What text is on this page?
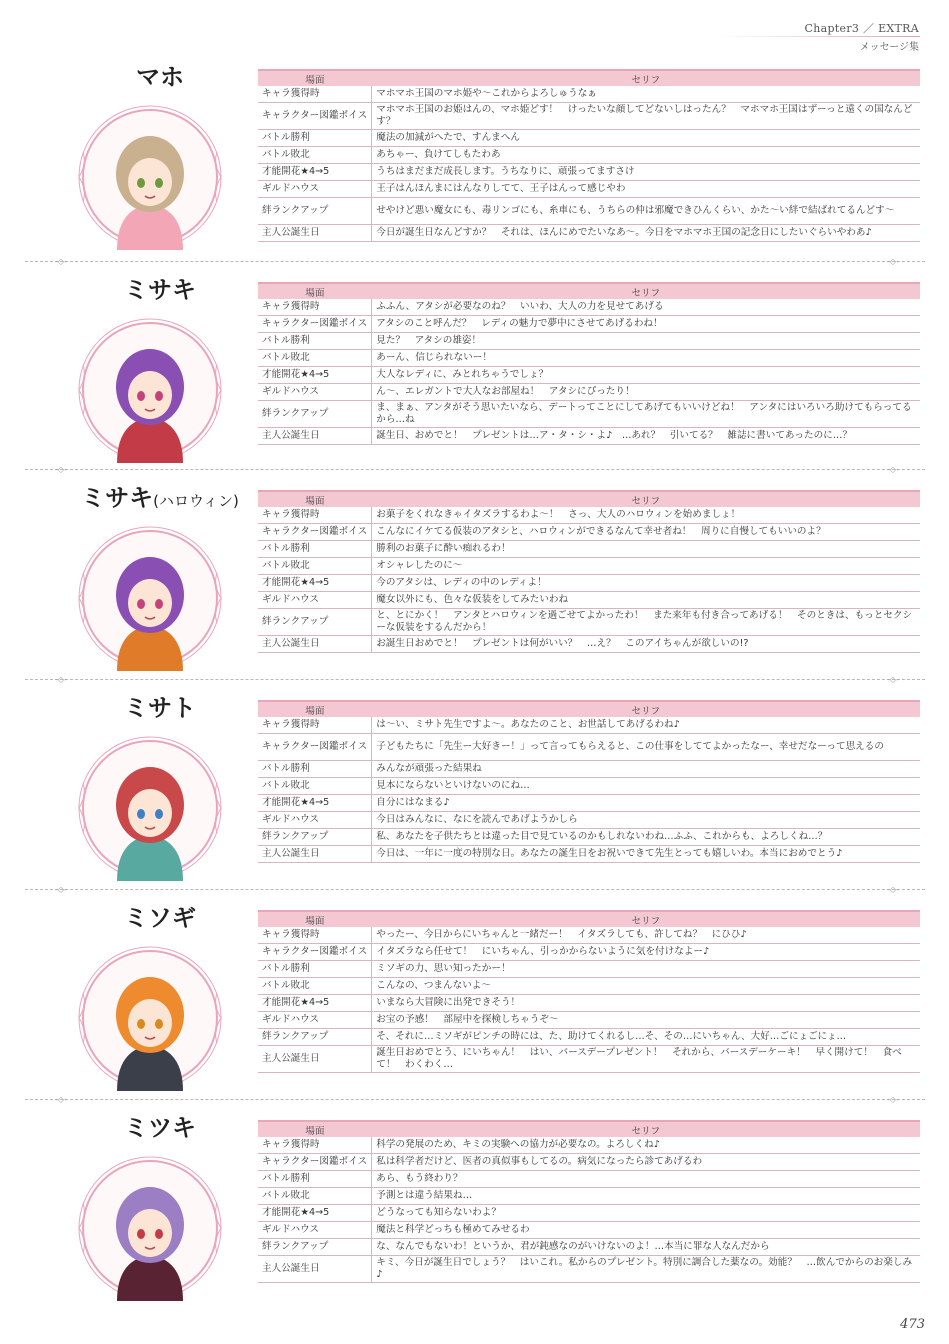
Chapter3 ／ EXTRA
メッセージ集
マホ	場面	セリフ
キャラ獲得時	マホマホ王国のマホ姫や〜これからよろしゅうなぁ
キャラクター図鑑ボイス	マホマホ王国のお姫はんの、マホ姫どす！　けったいな顔してどないしはったん？　マホマホ王国はずーっと遠くの国なんどす？
バトル勝利	魔法の加減がへたで、すんまへん
バトル敗北	あちゃー、負けてしもたわあ
才能開花★4→5	うちはまだまだ成長します。うちなりに、頑張ってますさけ
ギルドハウス	王子はんほんまにはんなりしてて、王子はんって感じやわ
絆ランクアップ	せやけど悪い魔女にも、毒リンゴにも、糸車にも、うちらの仲は邪魔できひんくらい、かた〜い絆で結ばれてるんどす〜
主人公誕生日	今日が誕生日なんどすか？　それは、ほんにめでたいなあ〜。今日をマホマホ王国の記念日にしたいぐらいやわあ♪
ミサキ	場面	セリフ
キャラ獲得時	ふふん、アタシが必要なのね？　いいわ、大人の力を見せてあげる
キャラクター図鑑ボイス	アタシのこと呼んだ？　レディの魅力で夢中にさせてあげるわね！
バトル勝利	見た？　アタシの雄姿！
バトル敗北	あーん、信じられないー！
才能開花★4→5	大人なレディに、みとれちゃうでしょ？
ギルドハウス	ん〜、エレガントで大人なお部屋ね！　アタシにぴったり！
絆ランクアップ	ま、まぁ、アンタがそう思いたいなら、デートってことにしてあげてもいいけどね！　アンタにはいろいろ助けてもらってるから…ね
主人公誕生日	誕生日、おめでと！　プレゼントは…ア・タ・シ・よ♪　…あれ？　引いてる？　雑誌に書いてあったのに…？
ミサキ(ハロウィン)	場面	セリフ
キャラ獲得時	お菓子をくれなきゃイタズラするわよ〜！　さっ、大人のハロウィンを始めましょ！
キャラクター図鑑ボイス	こんなにイケてる仮装のアタシと、ハロウィンができるなんて幸せ者ね！　周りに自慢してもいいのよ？
バトル勝利	勝利のお菓子に酔い痴れるわ！
バトル敗北	オシャレしたのに〜
才能開花★4→5	今のアタシは、レディの中のレディよ！
ギルドハウス	魔女以外にも、色々な仮装をしてみたいわね
絆ランクアップ	と、とにかく！　アンタとハロウィンを過ごせてよかったわ！　また来年も付き合ってあげる！　そのときは、もっとセクシーな仮装をするんだから！
主人公誕生日	お誕生日おめでと！　プレゼントは何がいい？　…え？　このアイちゃんが欲しいの!?
ミサト	場面	セリフ
キャラ獲得時	は〜い、ミサト先生ですよ〜。あなたのこと、お世話してあげるわね♪
キャラクター図鑑ボイス	子どもたちに「先生ー大好きー！」って言ってもらえると、この仕事をしててよかったなー、幸せだなーって思えるの
バトル勝利	みんなが頑張った結果ね
バトル敗北	見本にならないといけないのにね…
才能開花★4→5	自分にはなまる♪
ギルドハウス	今日はみんなに、なにを読んであげようかしら
絆ランクアップ	私、あなたを子供たちとは違った目で見ているのかもしれないわね…ふふ、これからも、よろしくね…？
主人公誕生日	今日は、一年に一度の特別な日。あなたの誕生日をお祝いできて先生とっても嬉しいわ。本当におめでとう♪
ミソギ	場面	セリフ
キャラ獲得時	やったー、今日からにいちゃんと一緒だー！　イタズラしても、許してね？　にひひ♪
キャラクター図鑑ボイス	イタズラなら任せて！　にいちゃん、引っかからないように気を付けなよー♪
バトル勝利	ミソギの力、思い知ったかー！
バトル敗北	こんなの、つまんないよ〜
才能開花★4→5	いまなら大冒険に出発できそう！
ギルドハウス	お宝の予感！　部屋中を探検しちゃうぞ〜
絆ランクアップ	そ、それに…ミソギがピンチの時には、た、助けてくれるし…そ、その…にいちゃん、大好…ごにょごにょ…
主人公誕生日	誕生日おめでとう、にいちゃん！　はい、バースデープレゼント！　それから、バースデーケーキ！　早く開けて！　食べて！　わくわく…
ミツキ	場面	セリフ
キャラ獲得時	科学の発展のため、キミの実験への協力が必要なの。よろしくね♪
キャラクター図鑑ボイス	私は科学者だけど、医者の真似事もしてるの。病気になったら診てあげるわ
バトル勝利	あら、もう終わり？
バトル敗北	予測とは違う結果ね…
才能開花★4→5	どうなっても知らないわよ？
ギルドハウス	魔法と科学どっちも極めてみせるわ
絆ランクアップ	な、なんでもないわ！というか、君が鈍感なのがいけないのよ！…本当に罪な人なんだから
主人公誕生日	キミ、今日が誕生日でしょう？　はいこれ。私からのプレゼント。特別に調合した薬なの。効能？　…飲んでからのお楽しみ♪
-◇-	-◇-
-◇-	-◇-
-◇-	-◇-
-◇-	-◇-
-◇-	-◇-
473
